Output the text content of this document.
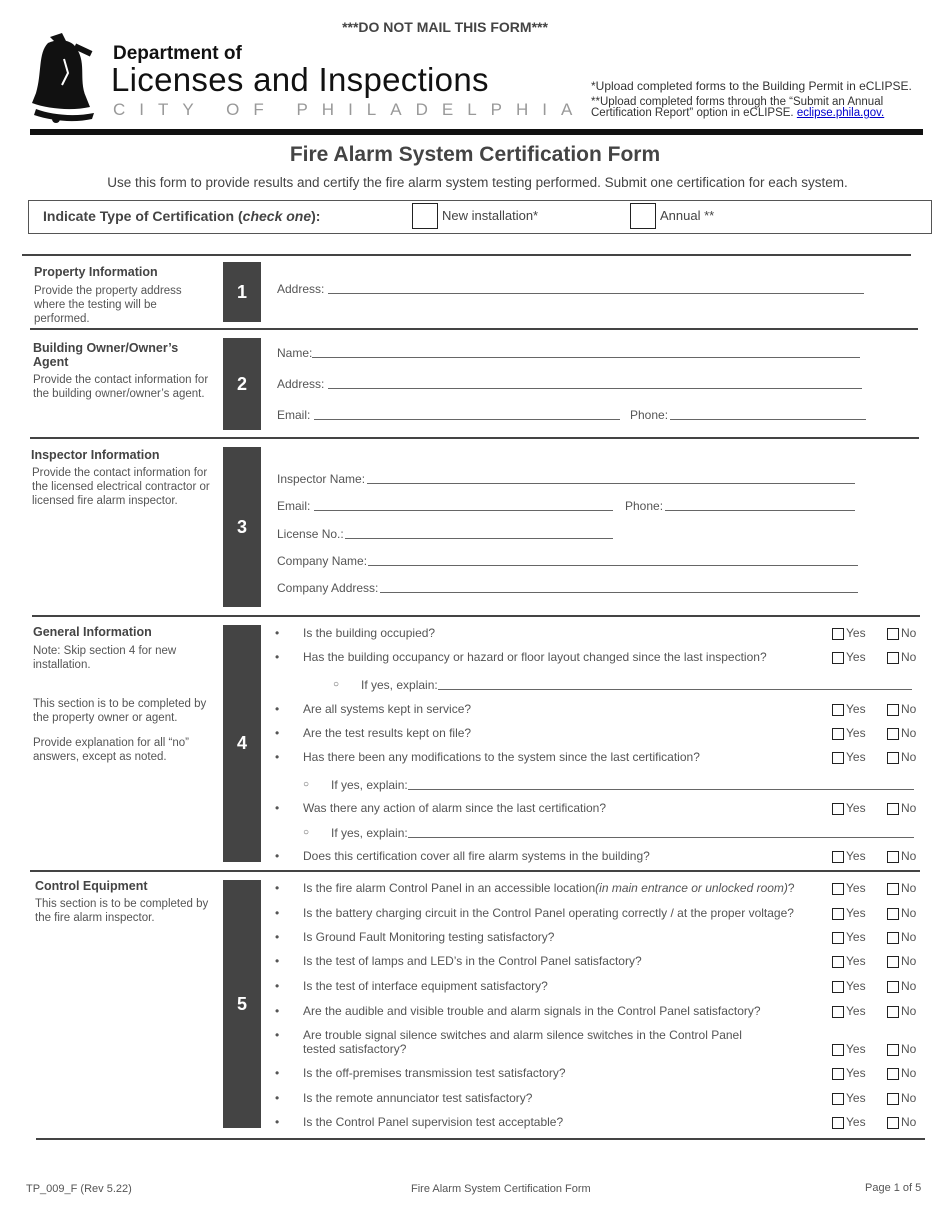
***DO NOT MAIL THIS FORM***
Department of
Licenses and Inspections
CITY OF PHILADELPHIA
*Upload completed forms to the Building Permit in eCLIPSE.
**Upload completed forms through the “Submit an Annual Certification Report” option in eCLIPSE. eclipse.phila.gov.
Fire Alarm System Certification Form
Use this form to provide results and certify the fire alarm system testing performed. Submit one certification for each system.
Indicate Type of Certification (check one):	New installation*	Annual **
Property Information
Provide the property address where the testing will be performed.
1	Address:
Building Owner/Owner’s Agent
Provide the contact information for the building owner/owner’s agent.
2
Name:
Address:
Email:	Phone:
Inspector Information
Provide the contact information for the licensed electrical contractor or licensed fire alarm inspector.
3
Inspector Name:
Email:	Phone:
License No.:
Company Name:
Company Address:
General Information
Note: Skip section 4 for new installation.
This section is to be completed by the property owner or agent.
Provide explanation for all “no” answers, except as noted.
4
• Is the building occupied?	Yes	No
• Has the building occupancy or hazard or floor layout changed since the last inspection?	Yes	No
○ If yes, explain:
• Are all systems kept in service?	Yes	No
• Are the test results kept on file?	Yes	No
• Has there been any modifications to the system since the last certification?	Yes	No
○ If yes, explain:
• Was there any action of alarm since the last certification?	Yes	No
○ If yes, explain:
• Does this certification cover all fire alarm systems in the building?	Yes	No
Control Equipment
This section is to be completed by the fire alarm inspector.
5
• Is the fire alarm Control Panel in an accessible location(in main entrance or unlocked room)?	Yes	No
• Is the battery charging circuit in the Control Panel operating correctly / at the proper voltage?	Yes	No
• Is Ground Fault Monitoring testing satisfactory?	Yes	No
• Is the test of lamps and LED’s in the Control Panel satisfactory?	Yes	No
• Is the test of interface equipment satisfactory?	Yes	No
• Are the audible and visible trouble and alarm signals in the Control Panel satisfactory?	Yes	No
• Are trouble signal silence switches and alarm silence switches in the Control Panel
tested satisfactory?	Yes	No
• Is the off-premises transmission test satisfactory?	Yes	No
• Is the remote annunciator test satisfactory?	Yes	No
• Is the Control Panel supervision test acceptable?	Yes	No
TP_009_F (Rev 5.22)	Fire Alarm System Certification Form	Page 1 of 5
